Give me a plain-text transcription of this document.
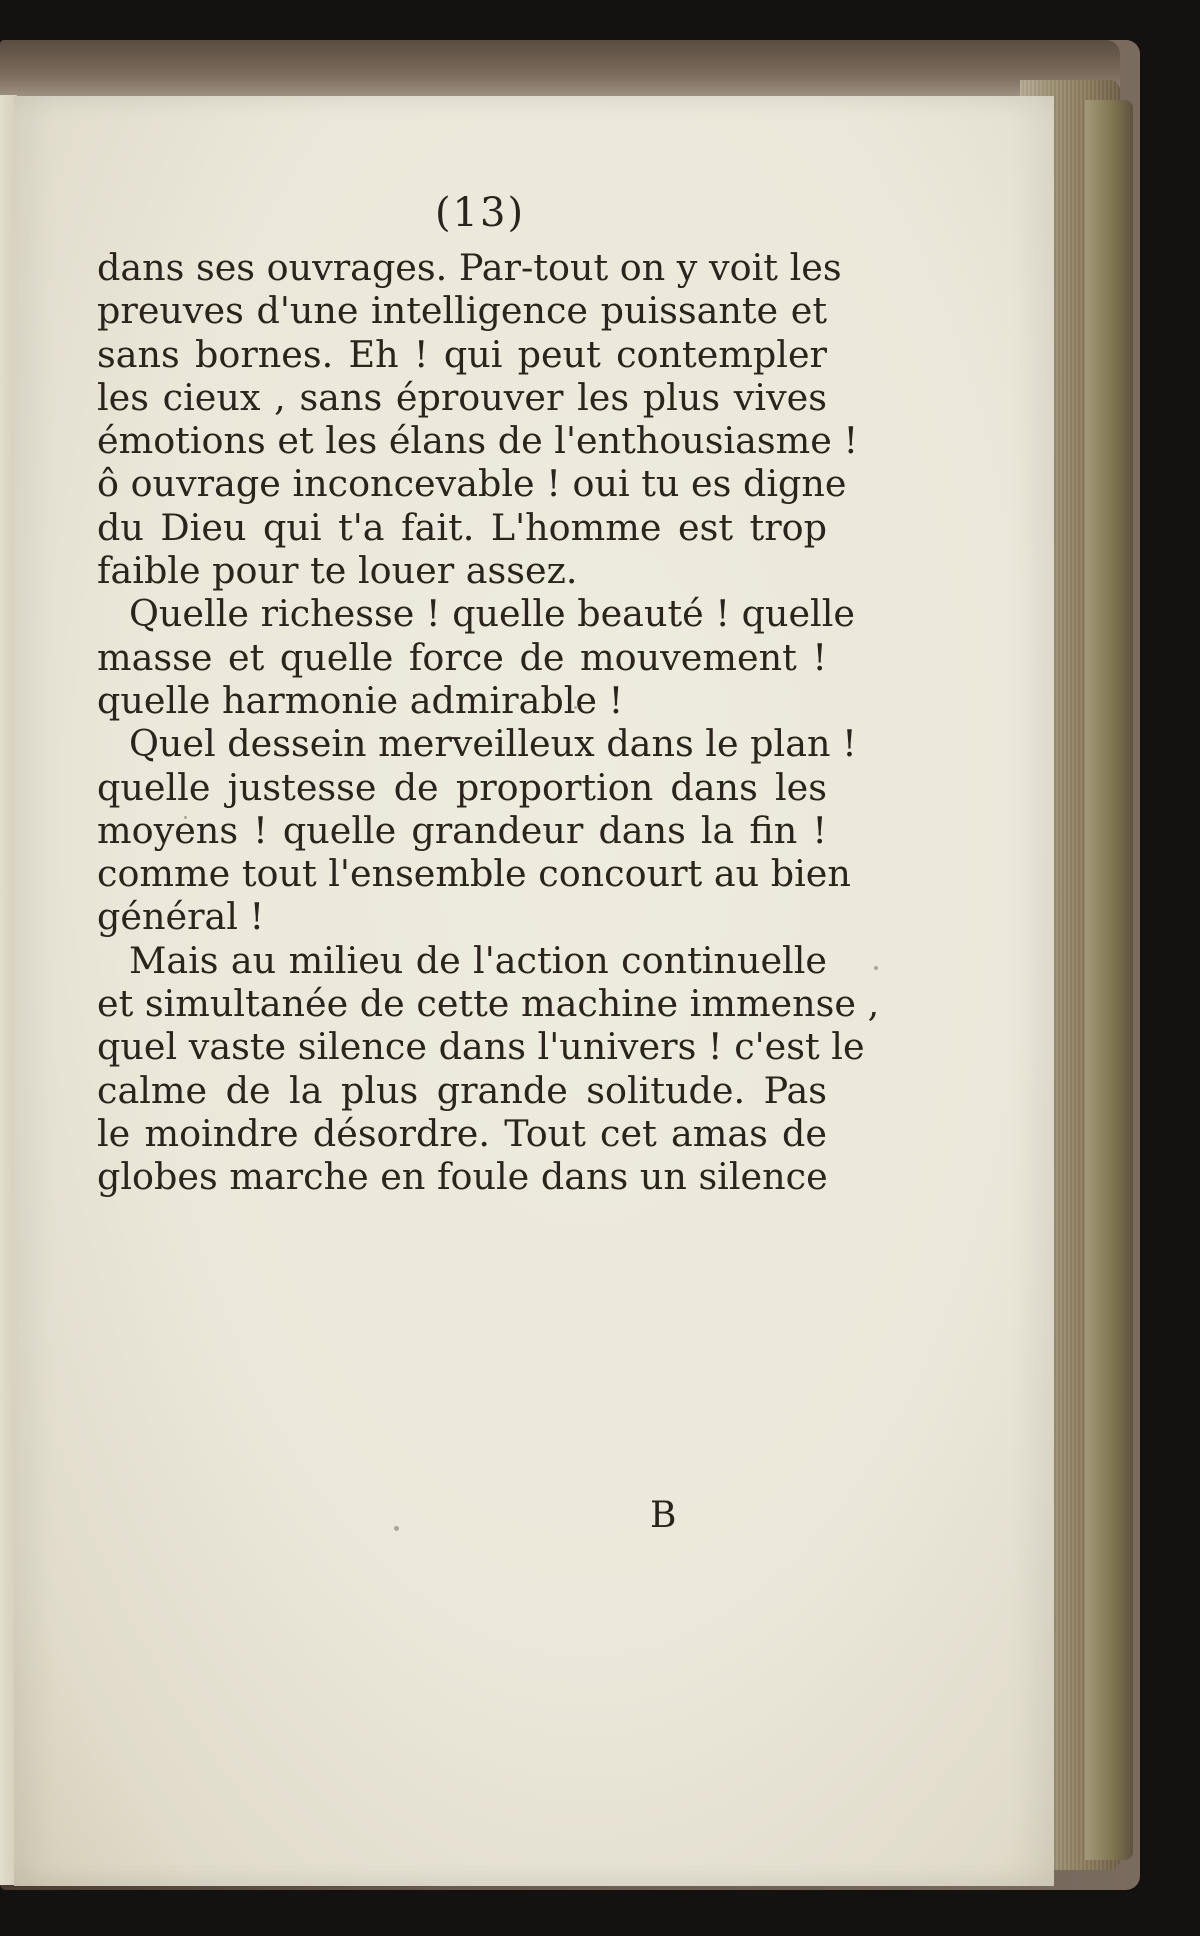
(13)
dans ses ouvrages. Par-tout on y voit les
preuves d'une intelligence puissante et
sans bornes. Eh ! qui peut contempler
les cieux , sans éprouver les plus vives
émotions et les élans de l'enthousiasme !
ô ouvrage inconcevable ! oui tu es digne
du Dieu qui t'a fait. L'homme est trop
faible pour te louer assez.
Quelle richesse ! quelle beauté ! quelle
masse et quelle force de mouvement !
quelle harmonie admirable !
Quel dessein merveilleux dans le plan !
quelle justesse de proportion dans les
moyens ! quelle grandeur dans la fin !
comme tout l'ensemble concourt au bien
général !
Mais au milieu de l'action continuelle
et simultanée de cette machine immense ,
quel vaste silence dans l'univers ! c'est le
calme de la plus grande solitude. Pas
le moindre désordre. Tout cet amas de
globes marche en foule dans un silence
B
